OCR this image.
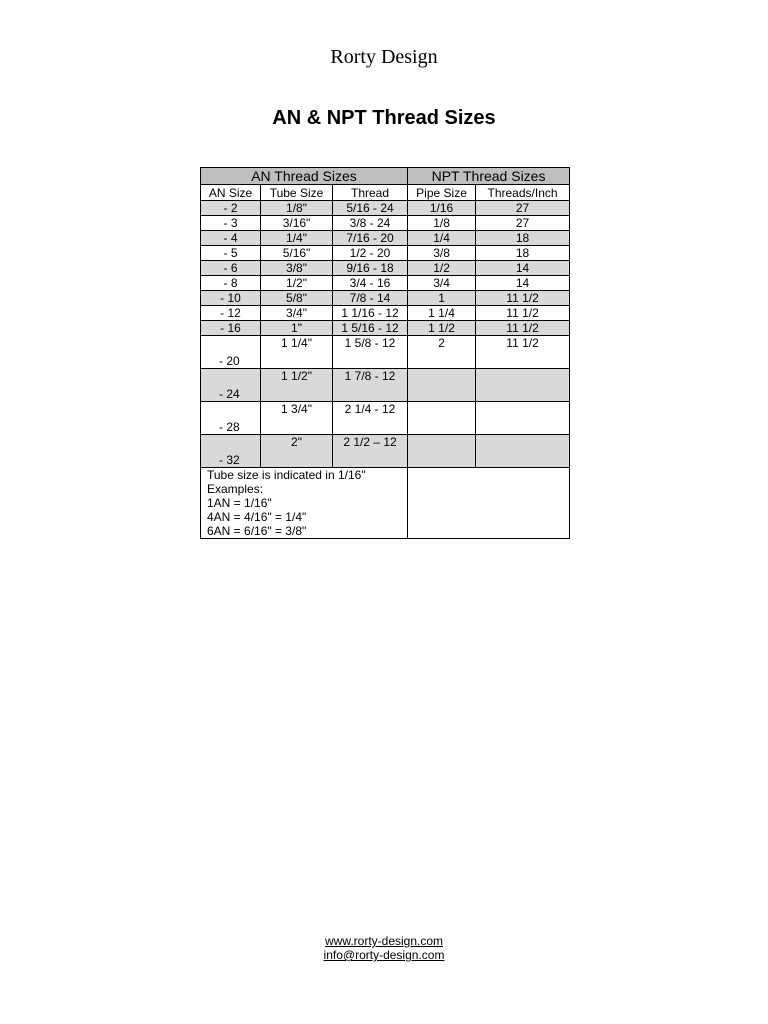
Rorty Design
AN & NPT Thread Sizes
AN Thread Sizes			NPT Thread Sizes	
AN Size	Tube Size	Thread	Pipe Size	Threads/Inch
- 2	1/8"	5/16 - 24	1/16	27
- 3	3/16"	3/8 - 24	1/8	27
- 4	1/4"	7/16 - 20	1/4	18
- 5	5/16"	1/2 - 20	3/8	18
- 6	3/8"	9/16 - 18	1/2	14
- 8	1/2"	3/4 - 16	3/4	14
- 10	5/8"	7/8 - 14	1	11 1/2
- 12	3/4"	1 1/16 - 12	1 1/4	11 1/2
- 16	1"	1 5/16 - 12	1 1/2	11 1/2
- 20	1 1/4"	1 5/8 - 12	2	11 1/2
- 24	1 1/2"	1 7/8 - 12		
- 28	1 3/4"	2 1/4 - 12		
- 32	2"	2 1/2 – 12		

Tube size is indicated in 1/16"
Examples:
1AN = 1/16"
4AN = 4/16" = 1/4"
6AN = 6/16" = 3/8"				

www.rorty-design.com
info@rorty-design.com
